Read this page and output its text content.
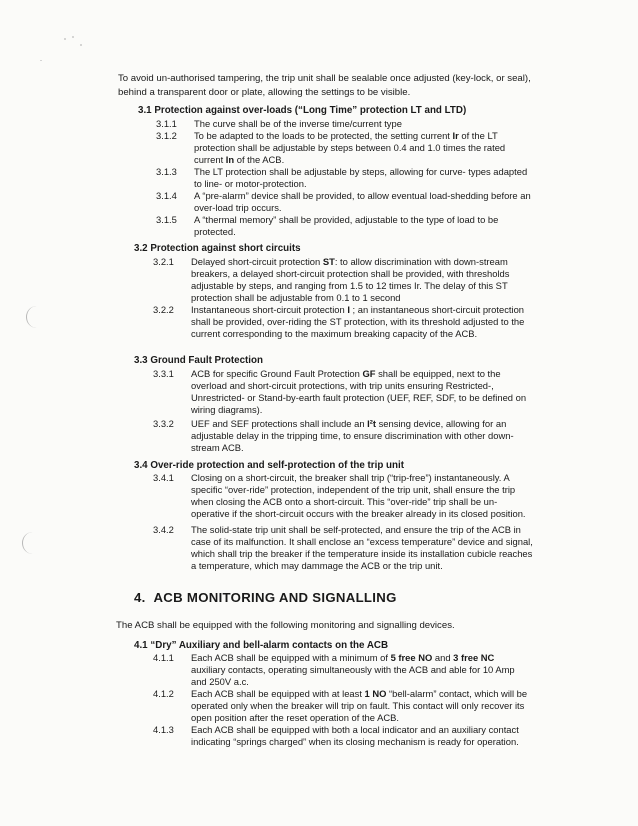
To avoid un-authorised tampering, the trip unit shall be sealable once adjusted (key-lock, or seal), behind a transparent door or plate, allowing the settings to be visible.
3.1 Protection against over-loads (“Long Time” protection LT and LTD)
3.1.1	The curve shall be of the inverse time/current type
3.1.2	To be adapted to the loads to be protected, the setting current Ir of the LT protection shall be adjustable by steps between 0.4 and 1.0 times the rated current In of the ACB.
3.1.3	The LT protection shall be adjustable by steps, allowing for curve- types adapted to line- or motor-protection.
3.1.4	A “pre-alarm” device shall be provided, to allow eventual load-shedding before an over-load trip occurs.
3.1.5	A “thermal memory” shall be provided, adjustable to the type of load to be protected.
3.2 Protection against short circuits
3.2.1	Delayed short-circuit protection ST: to allow discrimination with down-stream breakers, a delayed short-circuit protection shall be provided, with thresholds adjustable by steps, and ranging from 1.5 to 12 times Ir. The delay of this ST protection shall be adjustable from 0.1 to 1 second
3.2.2	Instantaneous short-circuit protection I ; an instantaneous short-circuit protection shall be provided, over-riding the ST protection, with its threshold adjusted to the current corresponding to the maximum breaking capacity of the ACB.
3.3 Ground Fault Protection
3.3.1	ACB for specific Ground Fault Protection GF shall be equipped, next to the overload and short-circuit protections, with trip units ensuring Restricted-, Unrestricted- or Stand-by-earth fault protection (UEF, REF, SDF, to be defined on wiring diagrams).
3.3.2	UEF and SEF protections shall include an I²t sensing device, allowing for an adjustable delay in the tripping time, to ensure discrimination with other down-stream ACB.
3.4 Over-ride protection and self-protection of the trip unit
3.4.1	Closing on a short-circuit, the breaker shall trip (“trip-free”) instantaneously. A specific “over-ride” protection, independent of the trip unit, shall ensure the trip when closing the ACB onto a short-circuit. This “over-ride” trip shall be un-operative if the short-circuit occurs with the breaker already in its closed position.
3.4.2	The solid-state trip unit shall be self-protected, and ensure the trip of the ACB in case of its malfunction. It shall enclose an “excess temperature” device and signal, which shall trip the breaker if the temperature inside its installation cubicle reaches a temperature, which may dammage the ACB or the trip unit.
4. ACB MONITORING AND SIGNALLING
The ACB shall be equipped with the following monitoring and signalling devices.
4.1 “Dry” Auxiliary and bell-alarm contacts on the ACB
4.1.1	Each ACB shall be equipped with a minimum of 5 free NO and 3 free NC auxiliary contacts, operating simultaneously with the ACB and able for 10 Amp and 250V a.c.
4.1.2	Each ACB shall be equipped with at least 1 NO “bell-alarm” contact, which will be operated only when the breaker will trip on fault. This contact will only recover its open position after the reset operation of the ACB.
4.1.3	Each ACB shall be equipped with both a local indicator and an auxiliary contact indicating “springs charged” when its closing mechanism is ready for operation.
